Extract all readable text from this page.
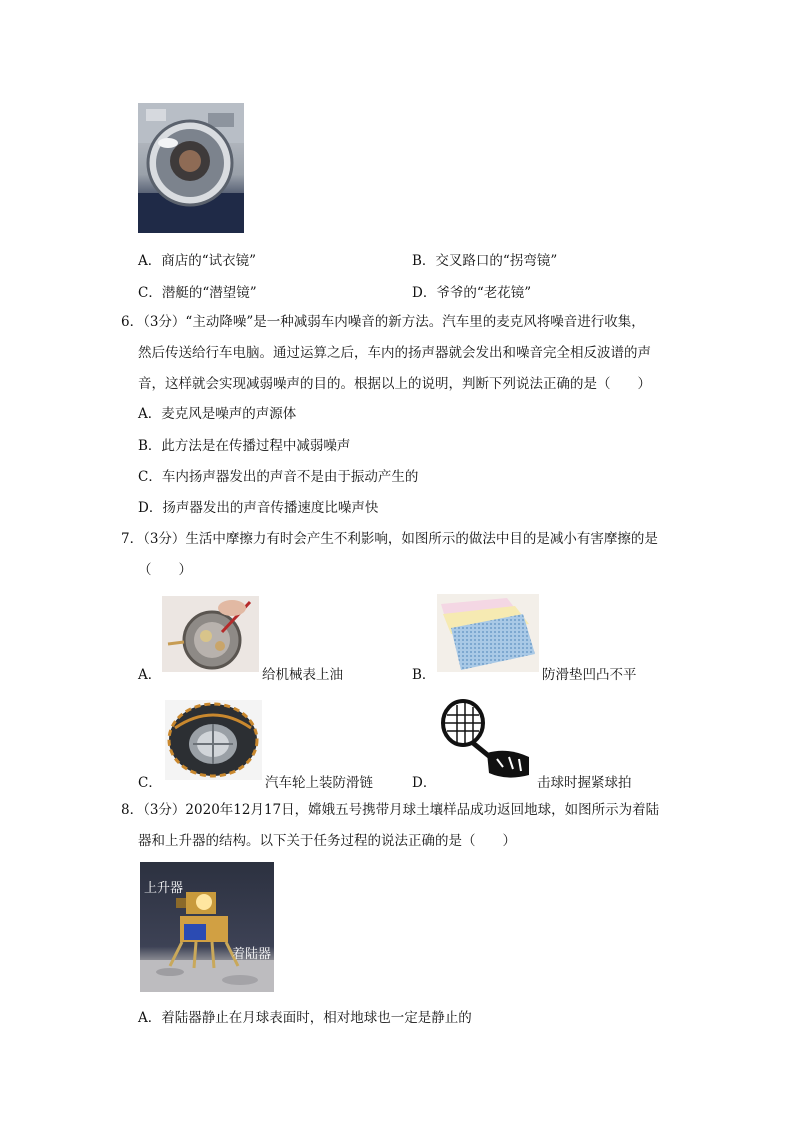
A．商店的“试衣镜”	B．交叉路口的“拐弯镜”
C．潜艇的“潜望镜”	D．爷爷的“老花镜”
6．（3分）“主动降噪”是一种减弱车内噪音的新方法。汽车里的麦克风将噪音进行收集，
然后传送给行车电脑。通过运算之后，车内的扬声器就会发出和噪音完全相反波谱的声
音，这样就会实现减弱噪声的目的。根据以上的说明，判断下列说法正确的是（　　）
A．麦克风是噪声的声源体
B．此方法是在传播过程中减弱噪声
C．车内扬声器发出的声音不是由于振动产生的
D．扬声器发出的声音传播速度比噪声快
7．（3分）生活中摩擦力有时会产生不利影响，如图所示的做法中目的是减小有害摩擦的是
（　　）
A．	给机械表上油	B．	防滑垫凹凸不平
C．	汽车轮上装防滑链	D．	击球时握紧球拍
8．（3分）2020年12月17日，嫦娥五号携带月球土壤样品成功返回地球，如图所示为着陆
器和上升器的结构。以下关于任务过程的说法正确的是（　　）
上升器
着陆器
A．着陆器静止在月球表面时，相对地球也一定是静止的
